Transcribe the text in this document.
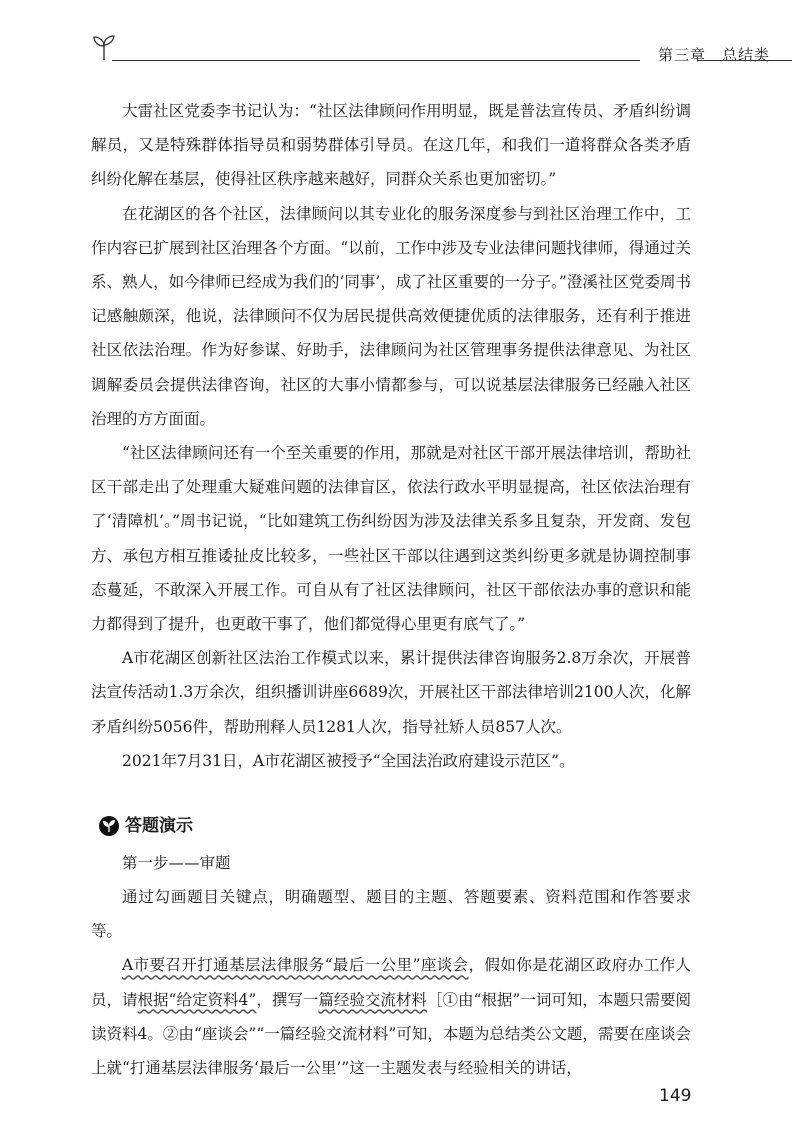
第三章　总结类

大雷社区党委李书记认为：“社区法律顾问作用明显，既是普法宣传员、矛盾纠纷调解员，又是特殊群体指导员和弱势群体引导员。在这几年，和我们一道将群众各类矛盾纠纷化解在基层，使得社区秩序越来越好，同群众关系也更加密切。”

在花湖区的各个社区，法律顾问以其专业化的服务深度参与到社区治理工作中，工作内容已扩展到社区治理各个方面。“以前，工作中涉及专业法律问题找律师，得通过关系、熟人，如今律师已经成为我们的‘同事’，成了社区重要的一分子。”澄溪社区党委周书记感触颇深，他说，法律顾问不仅为居民提供高效便捷优质的法律服务，还有利于推进社区依法治理。作为好参谋、好助手，法律顾问为社区管理事务提供法律意见、为社区调解委员会提供法律咨询，社区的大事小情都参与，可以说基层法律服务已经融入社区治理的方方面面。

“社区法律顾问还有一个至关重要的作用，那就是对社区干部开展法律培训，帮助社区干部走出了处理重大疑难问题的法律盲区，依法行政水平明显提高，社区依法治理有了‘清障机’。”周书记说，“比如建筑工伤纠纷因为涉及法律关系多且复杂，开发商、发包方、承包方相互推诿扯皮比较多，一些社区干部以往遇到这类纠纷更多就是协调控制事态蔓延，不敢深入开展工作。可自从有了社区法律顾问，社区干部依法办事的意识和能力都得到了提升，也更敢干事了，他们都觉得心里更有底气了。”

A市花湖区创新社区法治工作模式以来，累计提供法律咨询服务2.8万余次，开展普法宣传活动1.3万余次，组织播训讲座6689次，开展社区干部法律培训2100人次，化解矛盾纠纷5056件，帮助刑释人员1281人次，指导社矫人员857人次。

2021年7月31日，A市花湖区被授予“全国法治政府建设示范区”。

答题演示
第一步——审题

通过勾画题目关键点，明确题型、题目的主题、答题要素、资料范围和作答要求等。

A市要召开打通基层法律服务“最后一公里”座谈会，假如你是花湖区政府办工作人员，请根据“给定资料4”，撰写一篇经验交流材料［①由“根据”一词可知，本题只需要阅读资料4。②由“座谈会”“一篇经验交流材料”可知，本题为总结类公文题，需要在座谈会上就“打通基层法律服务‘最后一公里’”这一主题发表与经验相关的讲话，

149
